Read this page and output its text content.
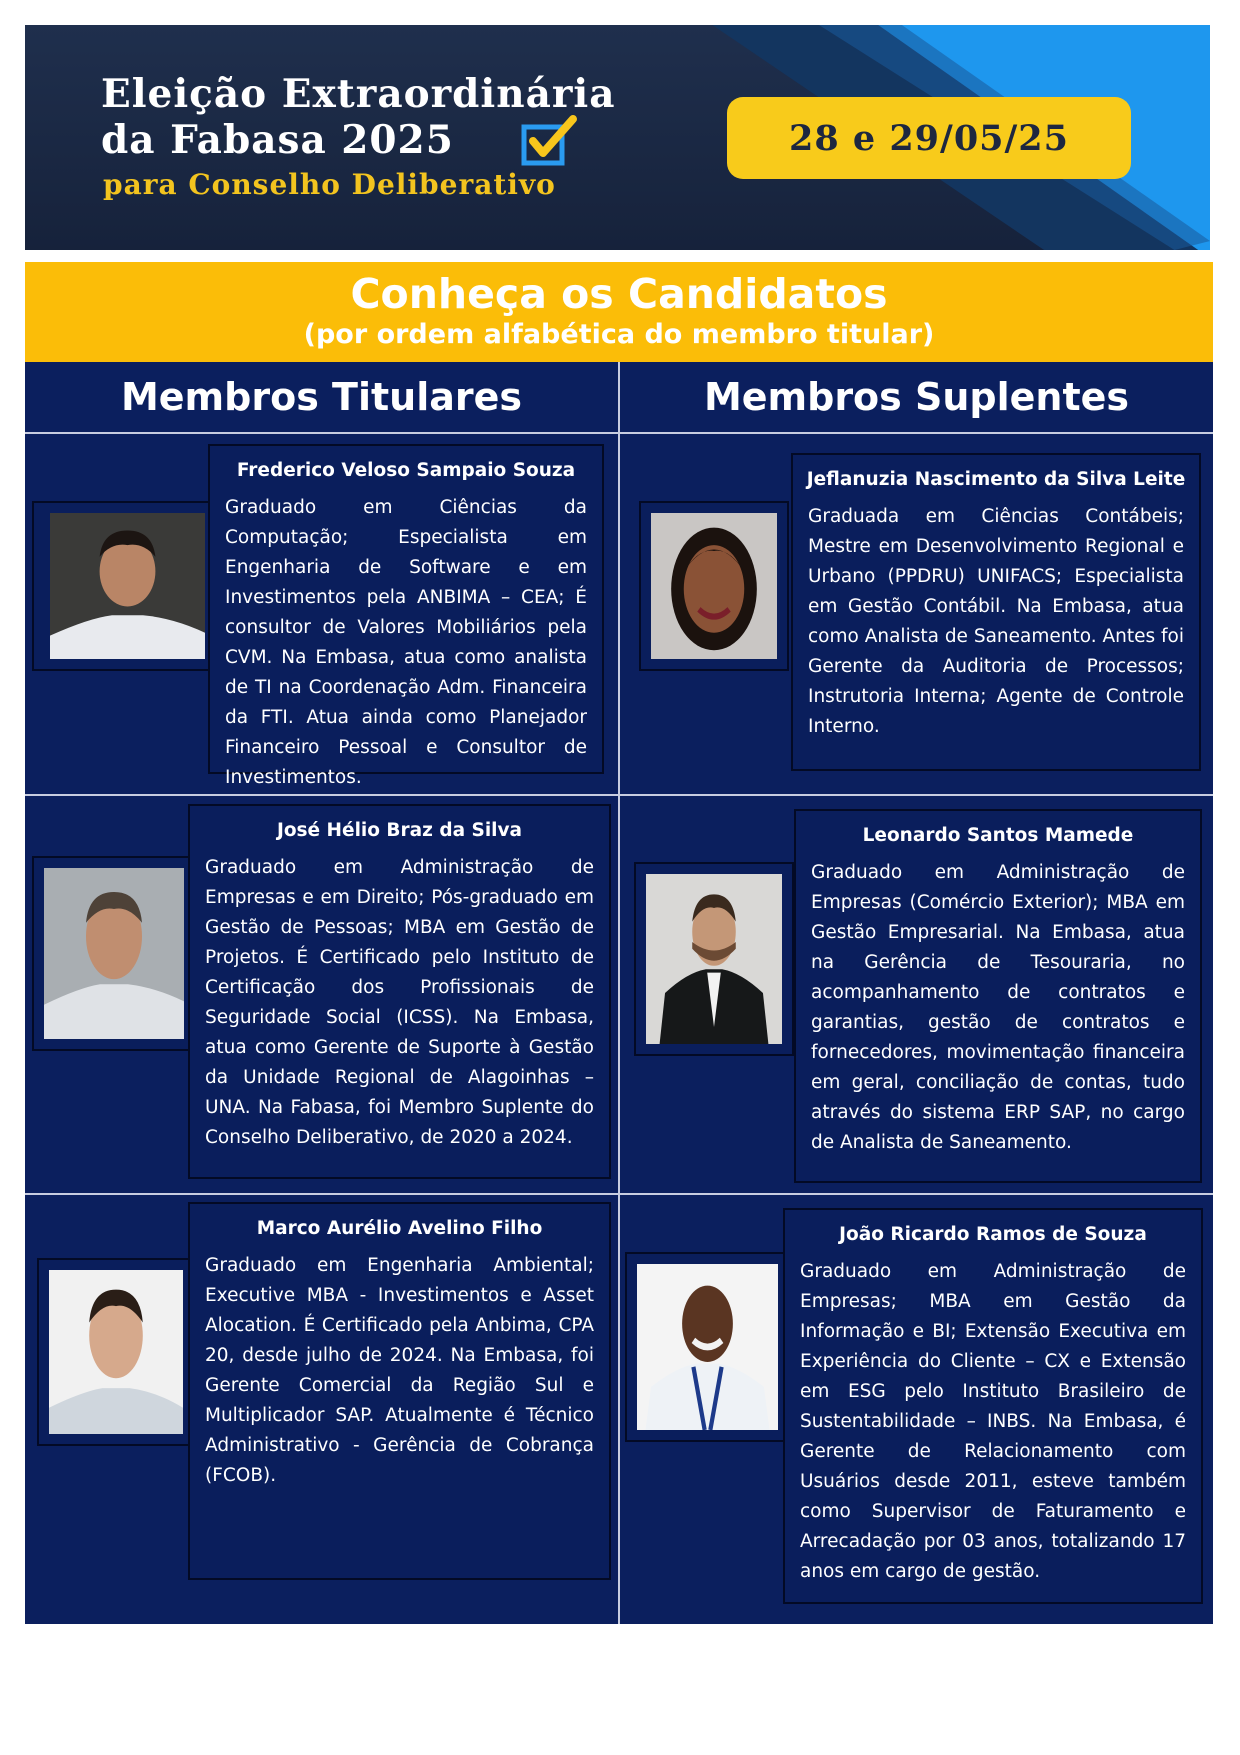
Eleição Extraordinária
da Fabasa 2025
para Conselho Deliberativo
28 e 29/05/25
Conheça os Candidatos
(por ordem alfabética do membro titular)
Membros Titulares	Membros Suplentes
Frederico Veloso Sampaio Souza
Graduado em Ciências da Computação; Especialista em Engenharia de Software e em Investimentos pela ANBIMA – CEA; É consultor de Valores Mobiliários pela CVM. Na Embasa, atua como analista de TI na Coordenação Adm. Financeira da FTI. Atua ainda como Planejador Financeiro Pessoal e Consultor de Investimentos.
Jeflanuzia Nascimento da Silva Leite
Graduada em Ciências Contábeis; Mestre em Desenvolvimento Regional e Urbano (PPDRU) UNIFACS; Especialista em Gestão Contábil. Na Embasa, atua como Analista de Saneamento. Antes foi Gerente da Auditoria de Processos; Instrutoria Interna; Agente de Controle Interno.
José Hélio Braz da Silva
Graduado em Administração de Empresas e em Direito; Pós-graduado em Gestão de Pessoas; MBA em Gestão de Projetos. É Certificado pelo Instituto de Certificação dos Profissionais de Seguridade Social (ICSS). Na Embasa, atua como Gerente de Suporte à Gestão da Unidade Regional de Alagoinhas – UNA. Na Fabasa, foi Membro Suplente do Conselho Deliberativo, de 2020 a 2024.
Leonardo Santos Mamede
Graduado em Administração de Empresas (Comércio Exterior); MBA em Gestão Empresarial. Na Embasa, atua na Gerência de Tesouraria, no acompanhamento de contratos e garantias, gestão de contratos e fornecedores, movimentação financeira em geral, conciliação de contas, tudo através do sistema ERP SAP, no cargo de Analista de Saneamento.
Marco Aurélio Avelino Filho
Graduado em Engenharia Ambiental; Executive MBA - Investimentos e Asset Alocation. É Certificado pela Anbima, CPA 20, desde julho de 2024. Na Embasa, foi Gerente Comercial da Região Sul e Multiplicador SAP. Atualmente é Técnico Administrativo - Gerência de Cobrança (FCOB).
João Ricardo Ramos de Souza
Graduado em Administração de Empresas; MBA em Gestão da Informação e BI; Extensão Executiva em Experiência do Cliente – CX e Extensão em ESG pelo Instituto Brasileiro de Sustentabilidade – INBS. Na Embasa, é Gerente de Relacionamento com Usuários desde 2011, esteve também como Supervisor de Faturamento e Arrecadação por 03 anos, totalizando 17 anos em cargo de gestão.
